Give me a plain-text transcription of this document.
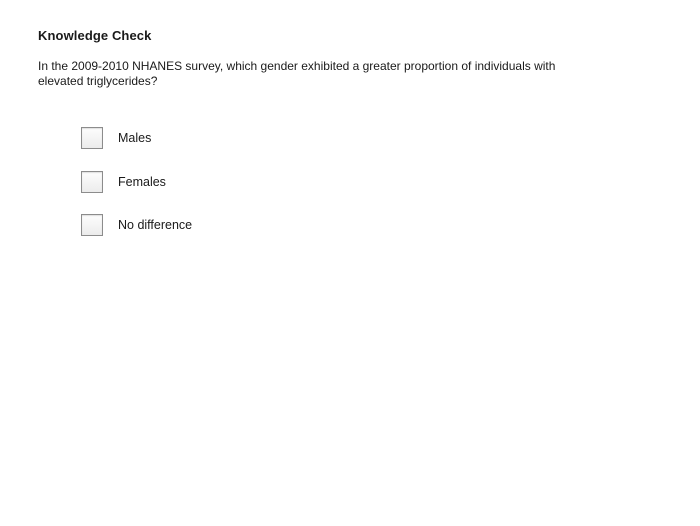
Knowledge Check
In the 2009-2010 NHANES survey, which gender exhibited a greater proportion of individuals with elevated triglycerides?
Males
Females
No difference
